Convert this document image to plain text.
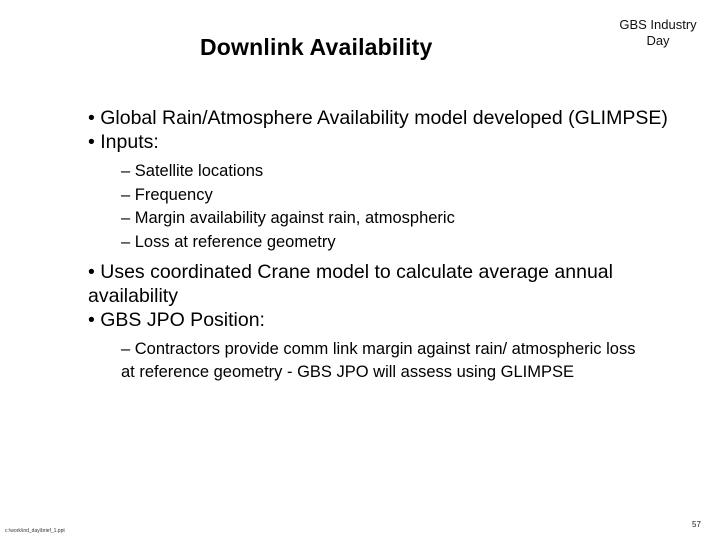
Downlink Availability
GBS Industry Day

• Global Rain/Atmosphere Availability model developed (GLIMPSE)

• Inputs:

– Satellite locations
– Frequency
– Margin availability against rain, atmospheric
– Loss at reference geometry

• Uses coordinated Crane model to calculate average annual availability

• GBS JPO Position:

– Contractors provide comm link margin against rain/ atmospheric loss at reference geometry - GBS JPO will assess using GLIMPSE
c:\work\ind_day\brief_1.ppt
57
